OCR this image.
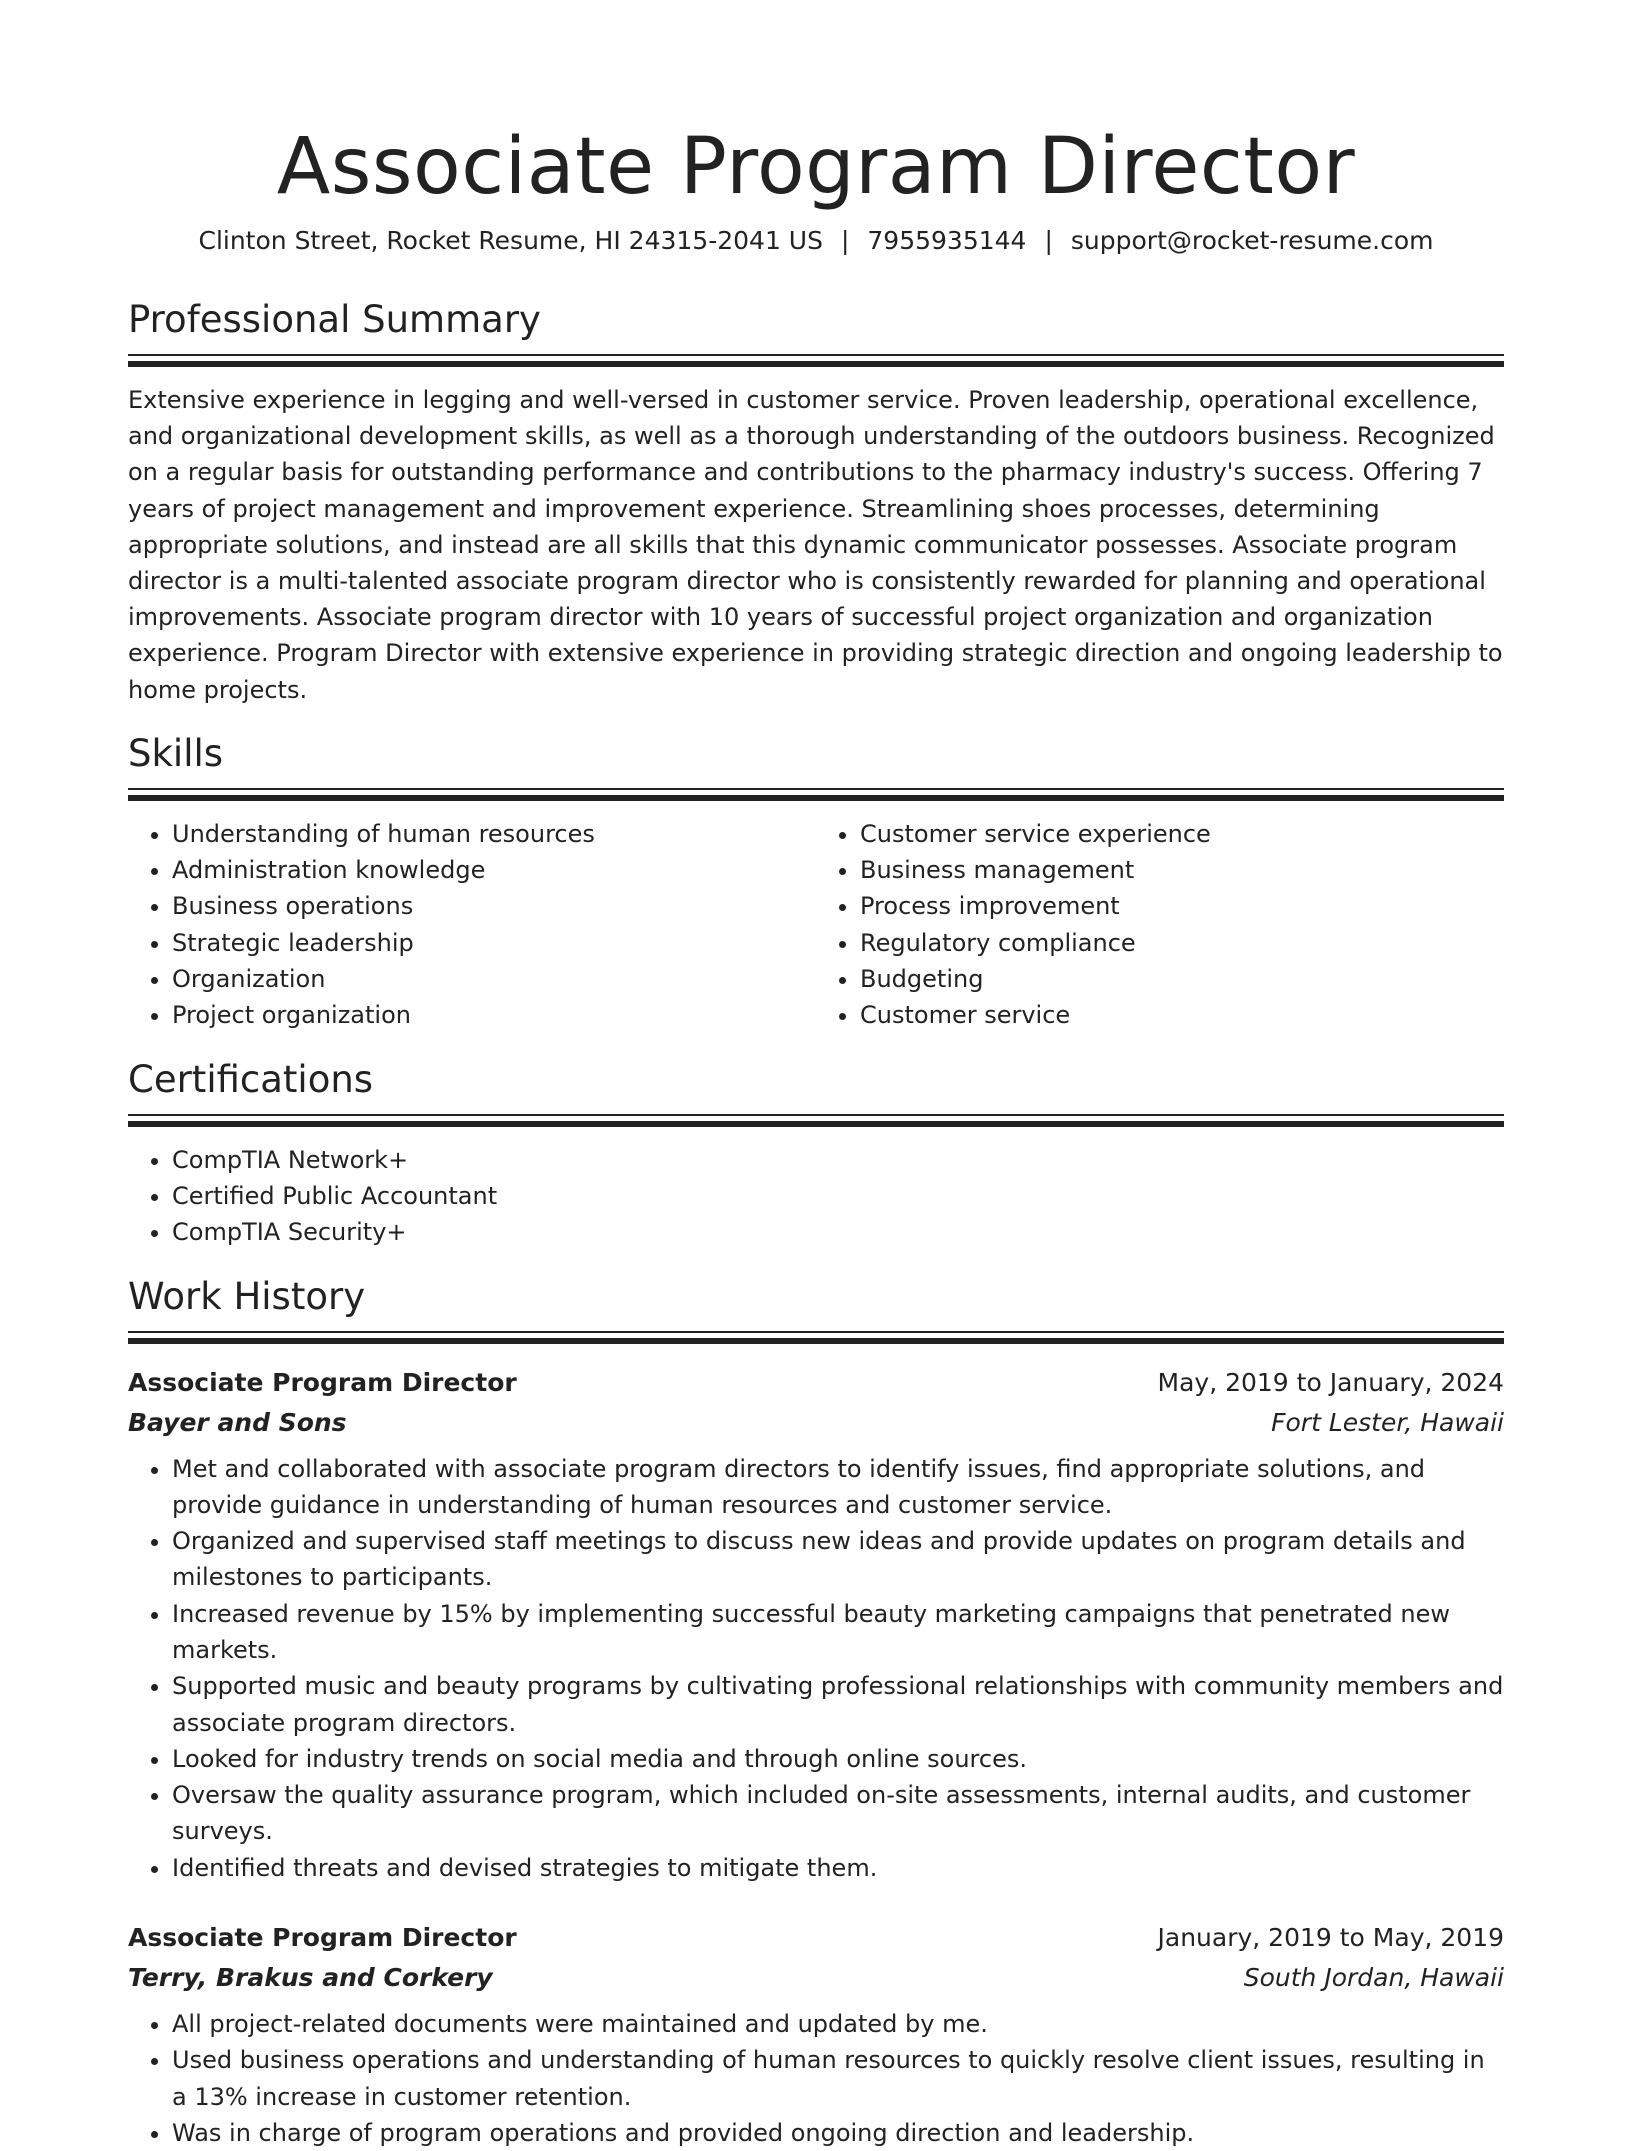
Associate Program Director
Clinton Street, Rocket Resume, HI 24315-2041 US | 7955935144 | support@rocket-resume.com
Professional Summary

Extensive experience in legging and well-versed in customer service. Proven leadership, operational excellence, and organizational development skills, as well as a thorough understanding of the outdoors business. Recognized on a regular basis for outstanding performance and contributions to the pharmacy industry's success. Offering 7 years of project management and improvement experience. Streamlining shoes processes, determining appropriate solutions, and instead are all skills that this dynamic communicator possesses. Associate program director is a multi-talented associate program director who is consistently rewarded for planning and operational improvements. Associate program director with 10 years of successful project organization and organization experience. Program Director with extensive experience in providing strategic direction and ongoing leadership to home projects.

Skills
• Understanding of human resources
• Administration knowledge
• Business operations
• Strategic leadership
• Organization
• Project organization
• Customer service experience
• Business management
• Process improvement
• Regulatory compliance
• Budgeting
• Customer service
Certifications
• CompTIA Network+
• Certified Public Accountant
• CompTIA Security+
Work History
Associate Program Director	May, 2019 to January, 2024
Bayer and Sons	Fort Lester, Hawaii
• Met and collaborated with associate program directors to identify issues, find appropriate solutions, and provide guidance in understanding of human resources and customer service.
• Organized and supervised staff meetings to discuss new ideas and provide updates on program details and milestones to participants.
• Increased revenue by 15% by implementing successful beauty marketing campaigns that penetrated new markets.
• Supported music and beauty programs by cultivating professional relationships with community members and associate program directors.
• Looked for industry trends on social media and through online sources.
• Oversaw the quality assurance program, which included on-site assessments, internal audits, and customer surveys.
• Identified threats and devised strategies to mitigate them.
Associate Program Director	January, 2019 to May, 2019
Terry, Brakus and Corkery	South Jordan, Hawaii
• All project-related documents were maintained and updated by me.
• Used business operations and understanding of human resources to quickly resolve client issues, resulting in a 13% increase in customer retention.
• Was in charge of program operations and provided ongoing direction and leadership.
